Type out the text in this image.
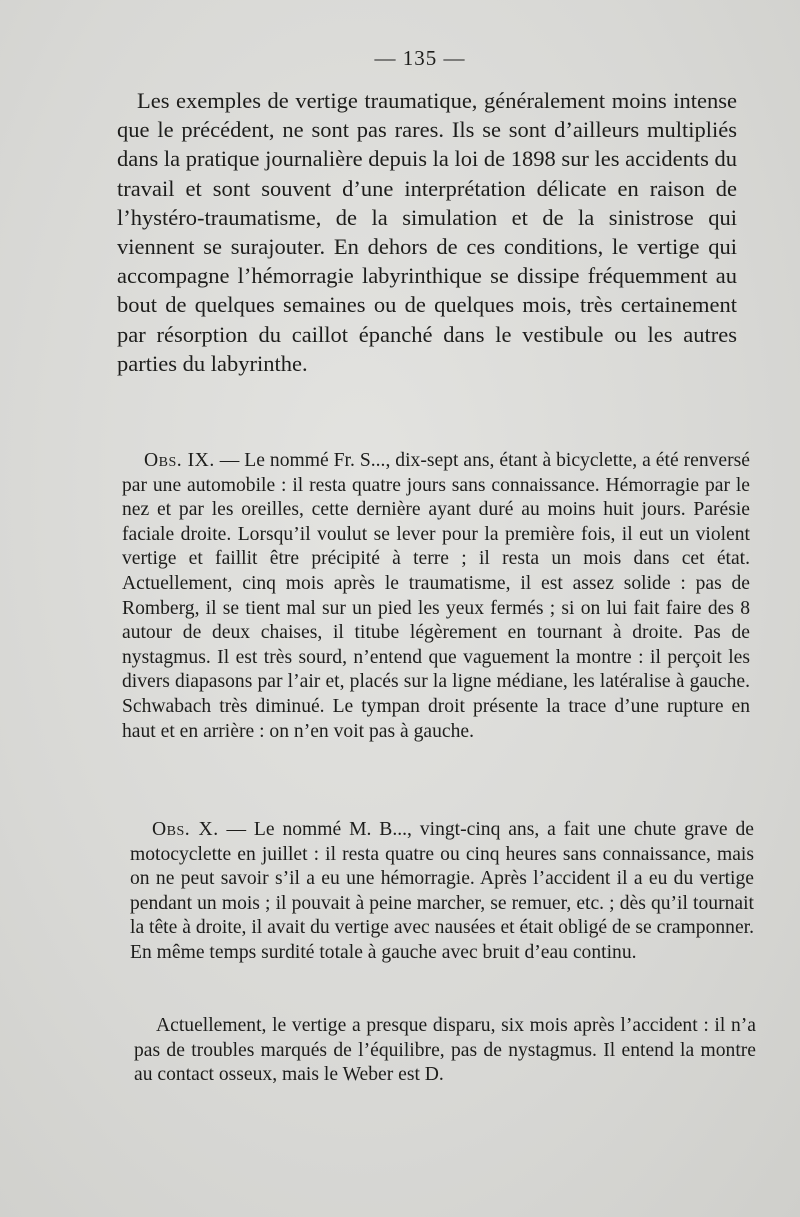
— 135 —

Les exemples de vertige traumatique, généralement moins intense que le précédent, ne sont pas rares. Ils se sont d’ailleurs multipliés dans la pratique journalière depuis la loi de 1898 sur les accidents du travail et sont souvent d’une interprétation délicate en raison de l’hystéro-traumatisme, de la simulation et de la sinistrose qui viennent se surajouter. En dehors de ces conditions, le vertige qui accompagne l’hémorragie labyrinthique se dissipe fréquemment au bout de quelques semaines ou de quelques mois, très certainement par résorption du caillot épanché dans le vestibule ou les autres parties du labyrinthe.

Obs. IX. — Le nommé Fr. S..., dix-sept ans, étant à bicyclette, a été renversé par une automobile : il resta quatre jours sans connaissance. Hémorragie par le nez et par les oreilles, cette dernière ayant duré au moins huit jours. Parésie faciale droite. Lorsqu’il voulut se lever pour la première fois, il eut un violent vertige et faillit être précipité à terre ; il resta un mois dans cet état. Actuellement, cinq mois après le traumatisme, il est assez solide : pas de Romberg, il se tient mal sur un pied les yeux fermés ; si on lui fait faire des 8 autour de deux chaises, il titube légèrement en tournant à droite. Pas de nystagmus. Il est très sourd, n’entend que vaguement la montre : il perçoit les divers diapasons par l’air et, placés sur la ligne médiane, les latéralise à gauche. Schwabach très diminué. Le tympan droit présente la trace d’une rupture en haut et en arrière : on n’en voit pas à gauche.

Obs. X. — Le nommé M. B..., vingt-cinq ans, a fait une chute grave de motocyclette en juillet : il resta quatre ou cinq heures sans connaissance, mais on ne peut savoir s’il a eu une hémorragie. Après l’accident il a eu du vertige pendant un mois ; il pouvait à peine marcher, se remuer, etc. ; dès qu’il tournait la tête à droite, il avait du vertige avec nausées et était obligé de se cramponner. En même temps surdité totale à gauche avec bruit d’eau continu.

Actuellement, le vertige a presque disparu, six mois après l’accident : il n’a pas de troubles marqués de l’équilibre, pas de nystagmus. Il entend la montre au contact osseux, mais le Weber est D.
